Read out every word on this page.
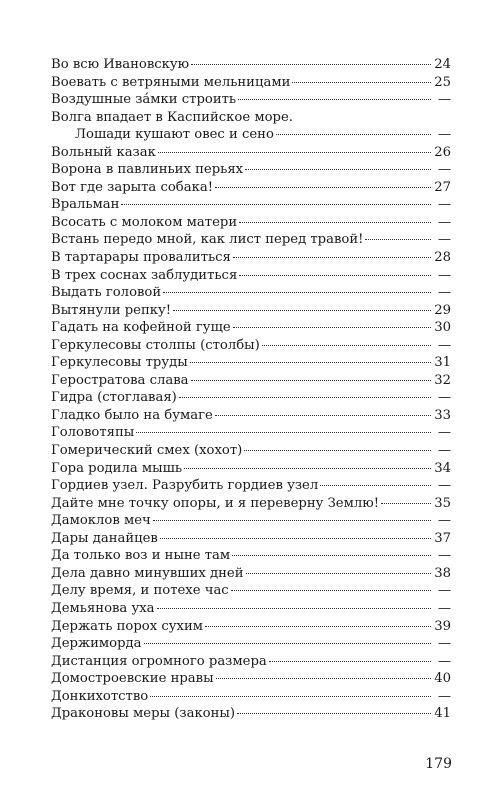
Во всю Ивановскую	24
Воевать с ветряными мельницами	25
Воздушные за́мки строить	—
Волга впадает в Каспийское море.
Лошади кушают овес и сено	—
Вольный казак	26
Ворона в павлиньих перьях	—
Вот где зарыта собака!	27
Вральман	—
Всосать с молоком матери	—
Встань передо мной, как лист перед травой!	—
В тартарары провалиться	28
В трех соснах заблудиться	—
Выдать головой	—
Вытянули репку!	29
Гадать на кофейной гуще	30
Геркулесовы столпы (столбы)	—
Геркулесовы труды	31
Геростратова слава	32
Гидра (стоглавая)	—
Гладко было на бумаге	33
Головотяпы	—
Гомерический смех (хохот)	—
Гора родила мышь	34
Гордиев узел. Разрубить гордиев узел	—
Дайте мне точку опоры, и я переверну Землю!	35
Дамоклов меч	—
Дары данайцев	37
Да только воз и ныне там	—
Дела давно минувших дней	38
Делу время, и потехе час	—
Демьянова уха	—
Держать порох сухим	39
Держиморда	—
Дистанция огромного размера	—
Домостроевские нравы	40
Донкихотство	—
Драконовы меры (законы)	41
179
